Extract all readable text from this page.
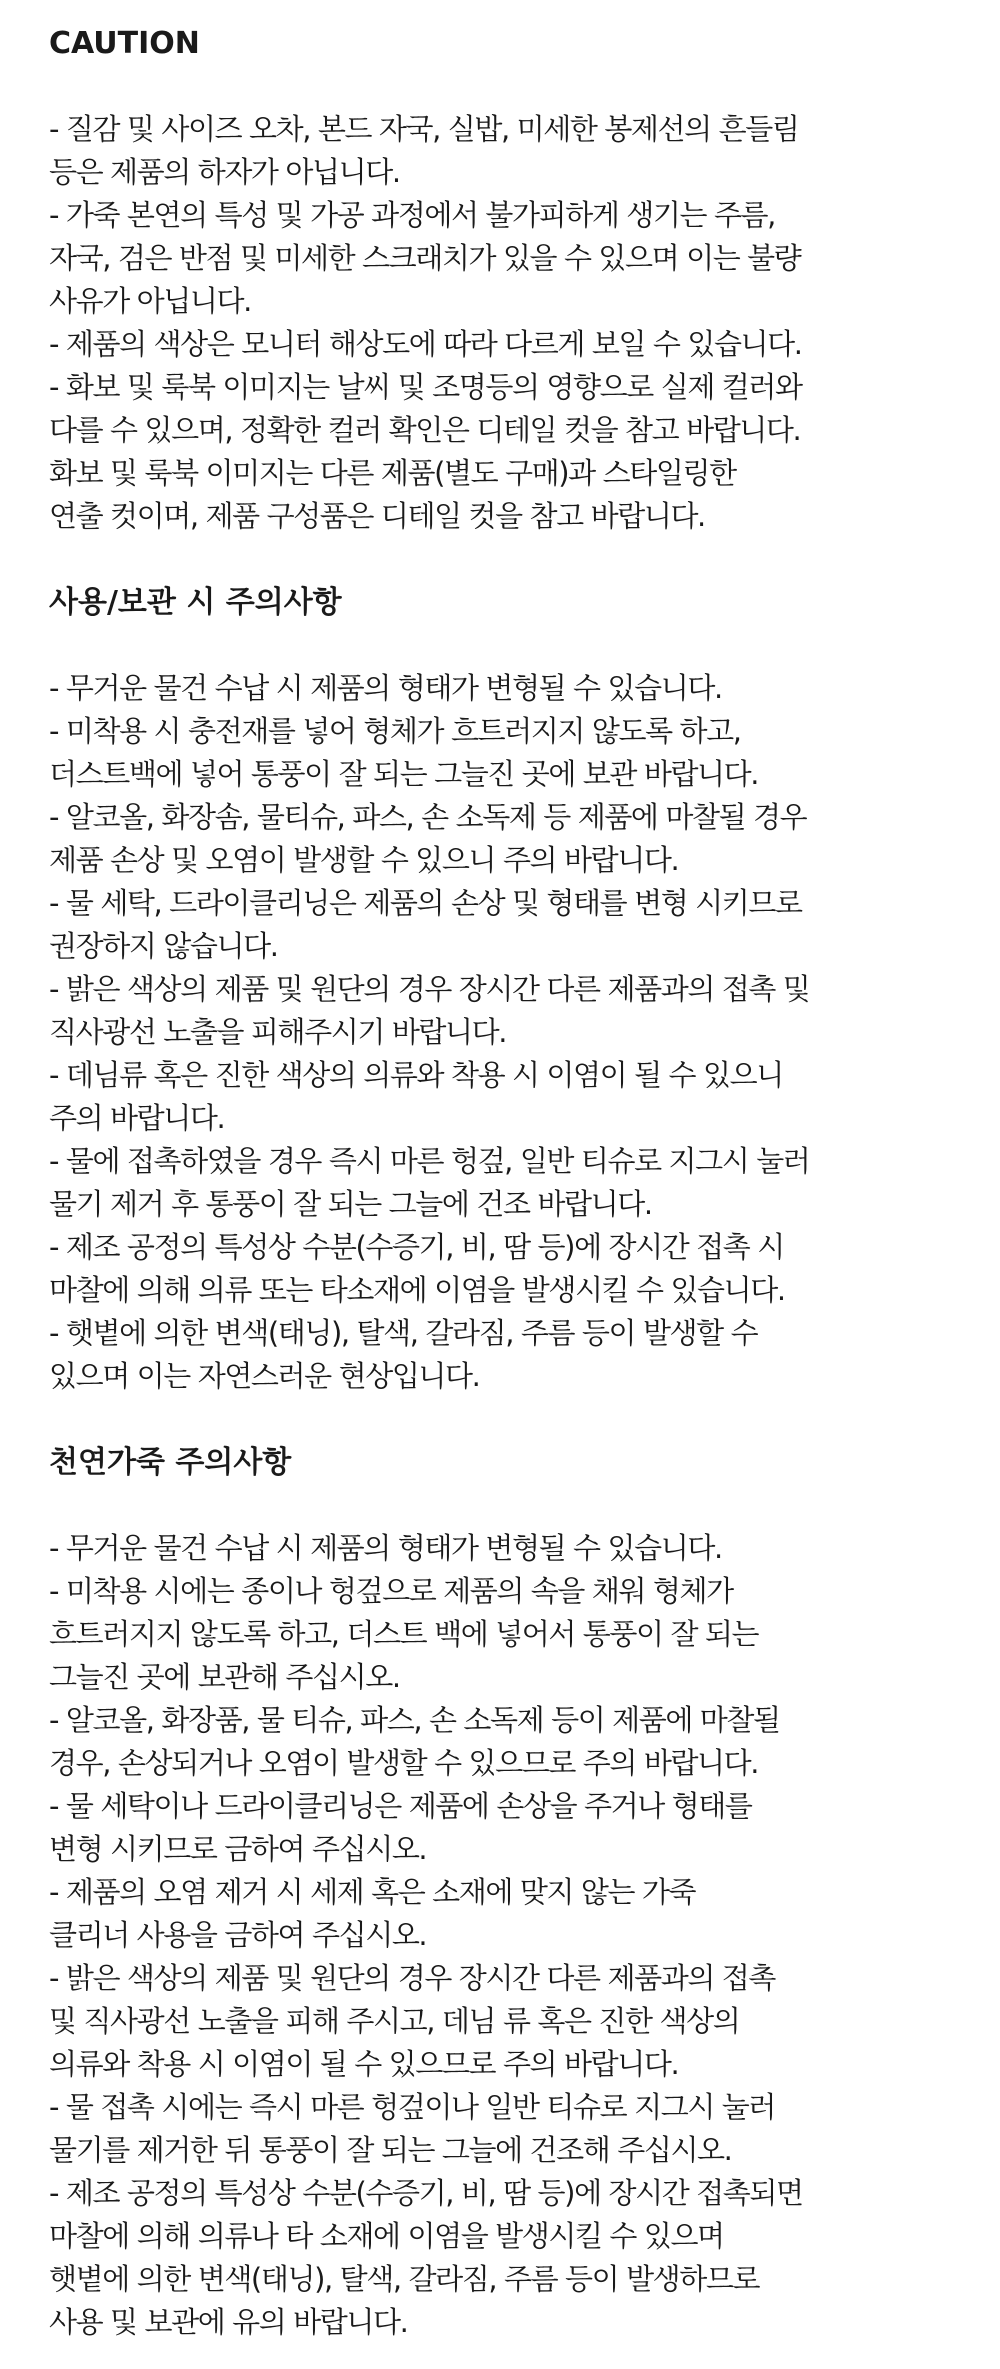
CAUTION
- 질감 및 사이즈 오차, 본드 자국, 실밥, 미세한 봉제선의 흔들림
등은 제품의 하자가 아닙니다.
- 가죽 본연의 특성 및 가공 과정에서 불가피하게 생기는 주름,
자국, 검은 반점 및 미세한 스크래치가 있을 수 있으며 이는 불량
사유가 아닙니다.
- 제품의 색상은 모니터 해상도에 따라 다르게 보일 수 있습니다.
- 화보 및 룩북 이미지는 날씨 및 조명등의 영향으로 실제 컬러와
다를 수 있으며, 정확한 컬러 확인은 디테일 컷을 참고 바랍니다.
화보 및 룩북 이미지는 다른 제품(별도 구매)과 스타일링한
연출 컷이며, 제품 구성품은 디테일 컷을 참고 바랍니다.
사용/보관 시 주의사항
- 무거운 물건 수납 시 제품의 형태가 변형될 수 있습니다.
- 미착용 시 충전재를 넣어 형체가 흐트러지지 않도록 하고,
더스트백에 넣어 통풍이 잘 되는 그늘진 곳에 보관 바랍니다.
- 알코올, 화장솜, 물티슈, 파스, 손 소독제 등 제품에 마찰될 경우
제품 손상 및 오염이 발생할 수 있으니 주의 바랍니다.
- 물 세탁, 드라이클리닝은 제품의 손상 및 형태를 변형 시키므로
권장하지 않습니다.
- 밝은 색상의 제품 및 원단의 경우 장시간 다른 제품과의 접촉 및
직사광선 노출을 피해주시기 바랍니다.
- 데님류 혹은 진한 색상의 의류와 착용 시 이염이 될 수 있으니
주의 바랍니다.
- 물에 접촉하였을 경우 즉시 마른 헝겊, 일반 티슈로 지그시 눌러
물기 제거 후 통풍이 잘 되는 그늘에 건조 바랍니다.
- 제조 공정의 특성상 수분(수증기, 비, 땀 등)에 장시간 접촉 시
마찰에 의해 의류 또는 타소재에 이염을 발생시킬 수 있습니다.
- 햇볕에 의한 변색(태닝), 탈색, 갈라짐, 주름 등이 발생할 수
있으며 이는 자연스러운 현상입니다.
천연가죽 주의사항
- 무거운 물건 수납 시 제품의 형태가 변형될 수 있습니다.
- 미착용 시에는 종이나 헝겊으로 제품의 속을 채워 형체가
흐트러지지 않도록 하고, 더스트 백에 넣어서 통풍이 잘 되는
그늘진 곳에 보관해 주십시오.
- 알코올, 화장품, 물 티슈, 파스, 손 소독제 등이 제품에 마찰될
경우, 손상되거나 오염이 발생할 수 있으므로 주의 바랍니다.
- 물 세탁이나 드라이클리닝은 제품에 손상을 주거나 형태를
변형 시키므로 금하여 주십시오.
- 제품의 오염 제거 시 세제 혹은 소재에 맞지 않는 가죽
클리너 사용을 금하여 주십시오.
- 밝은 색상의 제품 및 원단의 경우 장시간 다른 제품과의 접촉
및 직사광선 노출을 피해 주시고, 데님 류 혹은 진한 색상의
의류와 착용 시 이염이 될 수 있으므로 주의 바랍니다.
- 물 접촉 시에는 즉시 마른 헝겊이나 일반 티슈로 지그시 눌러
물기를 제거한 뒤 통풍이 잘 되는 그늘에 건조해 주십시오.
- 제조 공정의 특성상 수분(수증기, 비, 땀 등)에 장시간 접촉되면
마찰에 의해 의류나 타 소재에 이염을 발생시킬 수 있으며
햇볕에 의한 변색(태닝), 탈색, 갈라짐, 주름 등이 발생하므로
사용 및 보관에 유의 바랍니다.
